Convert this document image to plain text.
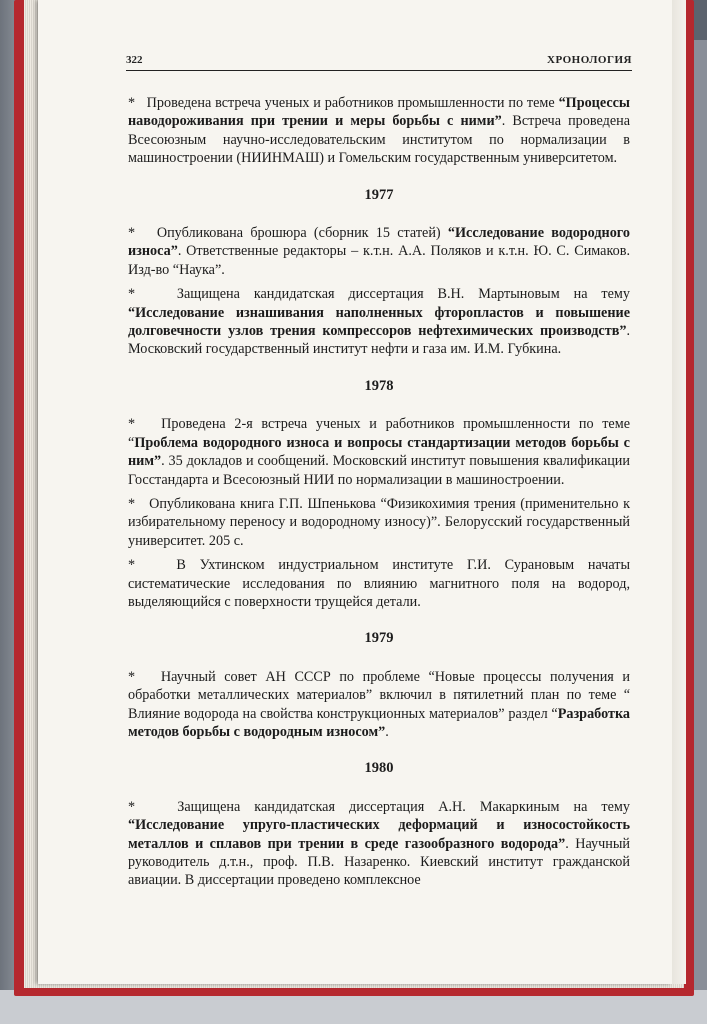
322	ХРОНОЛОГИЯ

* Проведена встреча ученых и работников промышленности по теме “Процессы наводороживания при трении и меры борьбы с ними”. Встреча проведена Всесоюзным научно-исследовательским институтом по нормализации в машиностроении (НИИНМАШ) и Гомельским государственным университетом.

1977

* Опубликована брошюра (сборник 15 статей) “Исследование водородного износа”. Ответственные редакторы – к.т.н. А.А. Поляков и к.т.н. Ю. С. Симаков. Изд-во “Наука”.

*	Защищена кандидатская диссертация В.Н. Мартыновым на тему “Исследование изнашивания наполненных фторопластов и повышение долговечности узлов трения компрессоров нефтехимических производств”. Московский государственный институт нефти и газа им. И.М. Губкина.

1978

* Проведена 2-я встреча ученых и работников промышленности по теме “Проблема водородного износа и вопросы стандартизации методов борьбы с ним”. 35 докладов и сообщений. Московский институт повышения квалификации Госстандарта и Всесоюзный НИИ по нормализации в машиностроении.

* Опубликована книга Г.П. Шпенькова “Физикохимия трения (применительно к избирательному переносу и водородному износу)”. Белорусский государственный университет. 205 с.

*	В Ухтинском индустриальном институте Г.И. Сурановым начаты систематические исследования по влиянию магнитного поля на водород, выделяющийся с поверхности трущейся детали.

1979

* Научный совет АН СССР по проблеме “Новые процессы получения и обработки металлических материалов” включил в пятилетний план по теме “ Влияние водорода на свойства конструкционных материалов” раздел “Разработка методов борьбы с водородным износом”.

1980

*	Защищена кандидатская диссертация А.Н. Макаркиным на тему “Исследование упруго-пластических деформаций и износостойкость металлов и сплавов при трении в среде газообразного водорода”. Научный руководитель д.т.н., проф. П.В. Назаренко. Киевский институт гражданской авиации. В диссертации проведено комплексное
